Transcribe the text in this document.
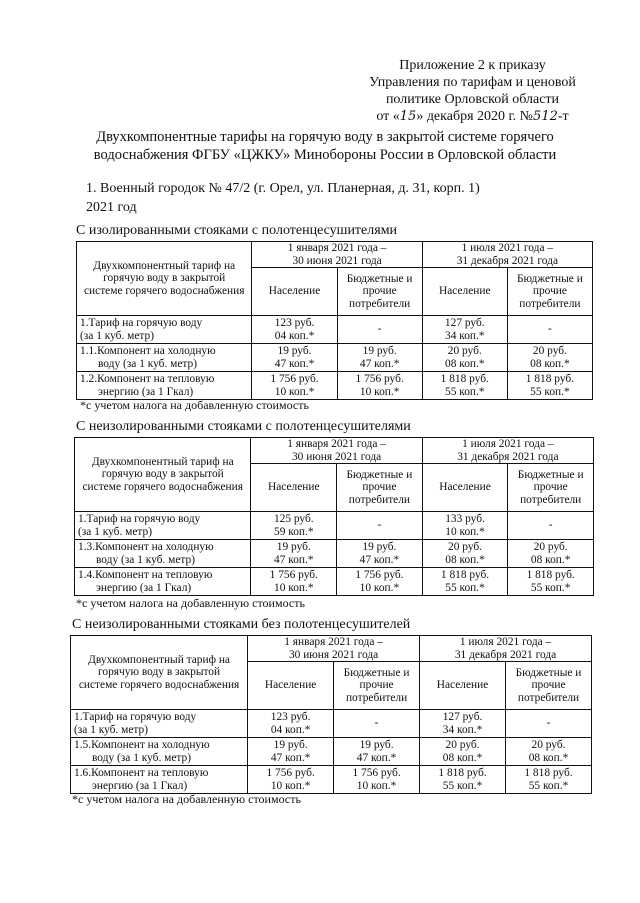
Приложение 2 к приказу
Управления по тарифам и ценовой
политике Орловской области
от «15» декабря 2020 г. №512-т
Двухкомпонентные тарифы на горячую воду в закрытой системе горячего
водоснабжения ФГБУ «ЦЖКУ» Минобороны России в Орловской области
1. Военный городок № 47/2 (г. Орел, ул. Планерная, д. 31, корп. 1)
2021 год
С изолированными стояками с полотенцесушителями
Двухкомпонентный тариф на
горячую воду в закрытой
системе горячего водоснабжения	1 января 2021 года –
30 июня 2021 года		1 июля 2021 года –
31 декабря 2021 года	

	Население	Бюджетные и
прочие
потребители	Население	Бюджетные и
прочие
потребители

1.Тариф на горячую воду
(за 1 куб. метр)	123 руб.
04 коп.*	-	127 руб.
34 коп.*	-

1.1.Компонент на холодную
воду (за 1 куб. метр)	19 руб.
47 коп.*	19 руб.
47 коп.*	20 руб.
08 коп.*	20 руб.
08 коп.*

1.2.Компонент на тепловую
энергию (за 1 Гкал)	1 756 руб.
10 коп.*	1 756 руб.
10 коп.*	1 818 руб.
55 коп.*	1 818 руб.
55 коп.*
*с учетом налога на добавленную стоимость
С неизолированными стояками с полотенцесушителями
Двухкомпонентный тариф на
горячую воду в закрытой
системе горячего водоснабжения	1 января 2021 года –
30 июня 2021 года		1 июля 2021 года –
31 декабря 2021 года	

	Население	Бюджетные и
прочие
потребители	Население	Бюджетные и
прочие
потребители

1.Тариф на горячую воду
(за 1 куб. метр)	125 руб.
59 коп.*	-	133 руб.
10 коп.*	-

1.3.Компонент на холодную
воду (за 1 куб. метр)	19 руб.
47 коп.*	19 руб.
47 коп.*	20 руб.
08 коп.*	20 руб.
08 коп.*

1.4.Компонент на тепловую
энергию (за 1 Гкал)	1 756 руб.
10 коп.*	1 756 руб.
10 коп.*	1 818 руб.
55 коп.*	1 818 руб.
55 коп.*
*с учетом налога на добавленную стоимость
С неизолированными стояками без полотенцесушителей
Двухкомпонентный тариф на
горячую воду в закрытой
системе горячего водоснабжения	1 января 2021 года –
30 июня 2021 года		1 июля 2021 года –
31 декабря 2021 года	

	Население	Бюджетные и
прочие
потребители	Население	Бюджетные и
прочие
потребители

1.Тариф на горячую воду
(за 1 куб. метр)	123 руб.
04 коп.*	-	127 руб.
34 коп.*	-

1.5.Компонент на холодную
воду (за 1 куб. метр)	19 руб.
47 коп.*	19 руб.
47 коп.*	20 руб.
08 коп.*	20 руб.
08 коп.*

1.6.Компонент на тепловую
энергию (за 1 Гкал)	1 756 руб.
10 коп.*	1 756 руб.
10 коп.*	1 818 руб.
55 коп.*	1 818 руб.
55 коп.*
*с учетом налога на добавленную стоимость
